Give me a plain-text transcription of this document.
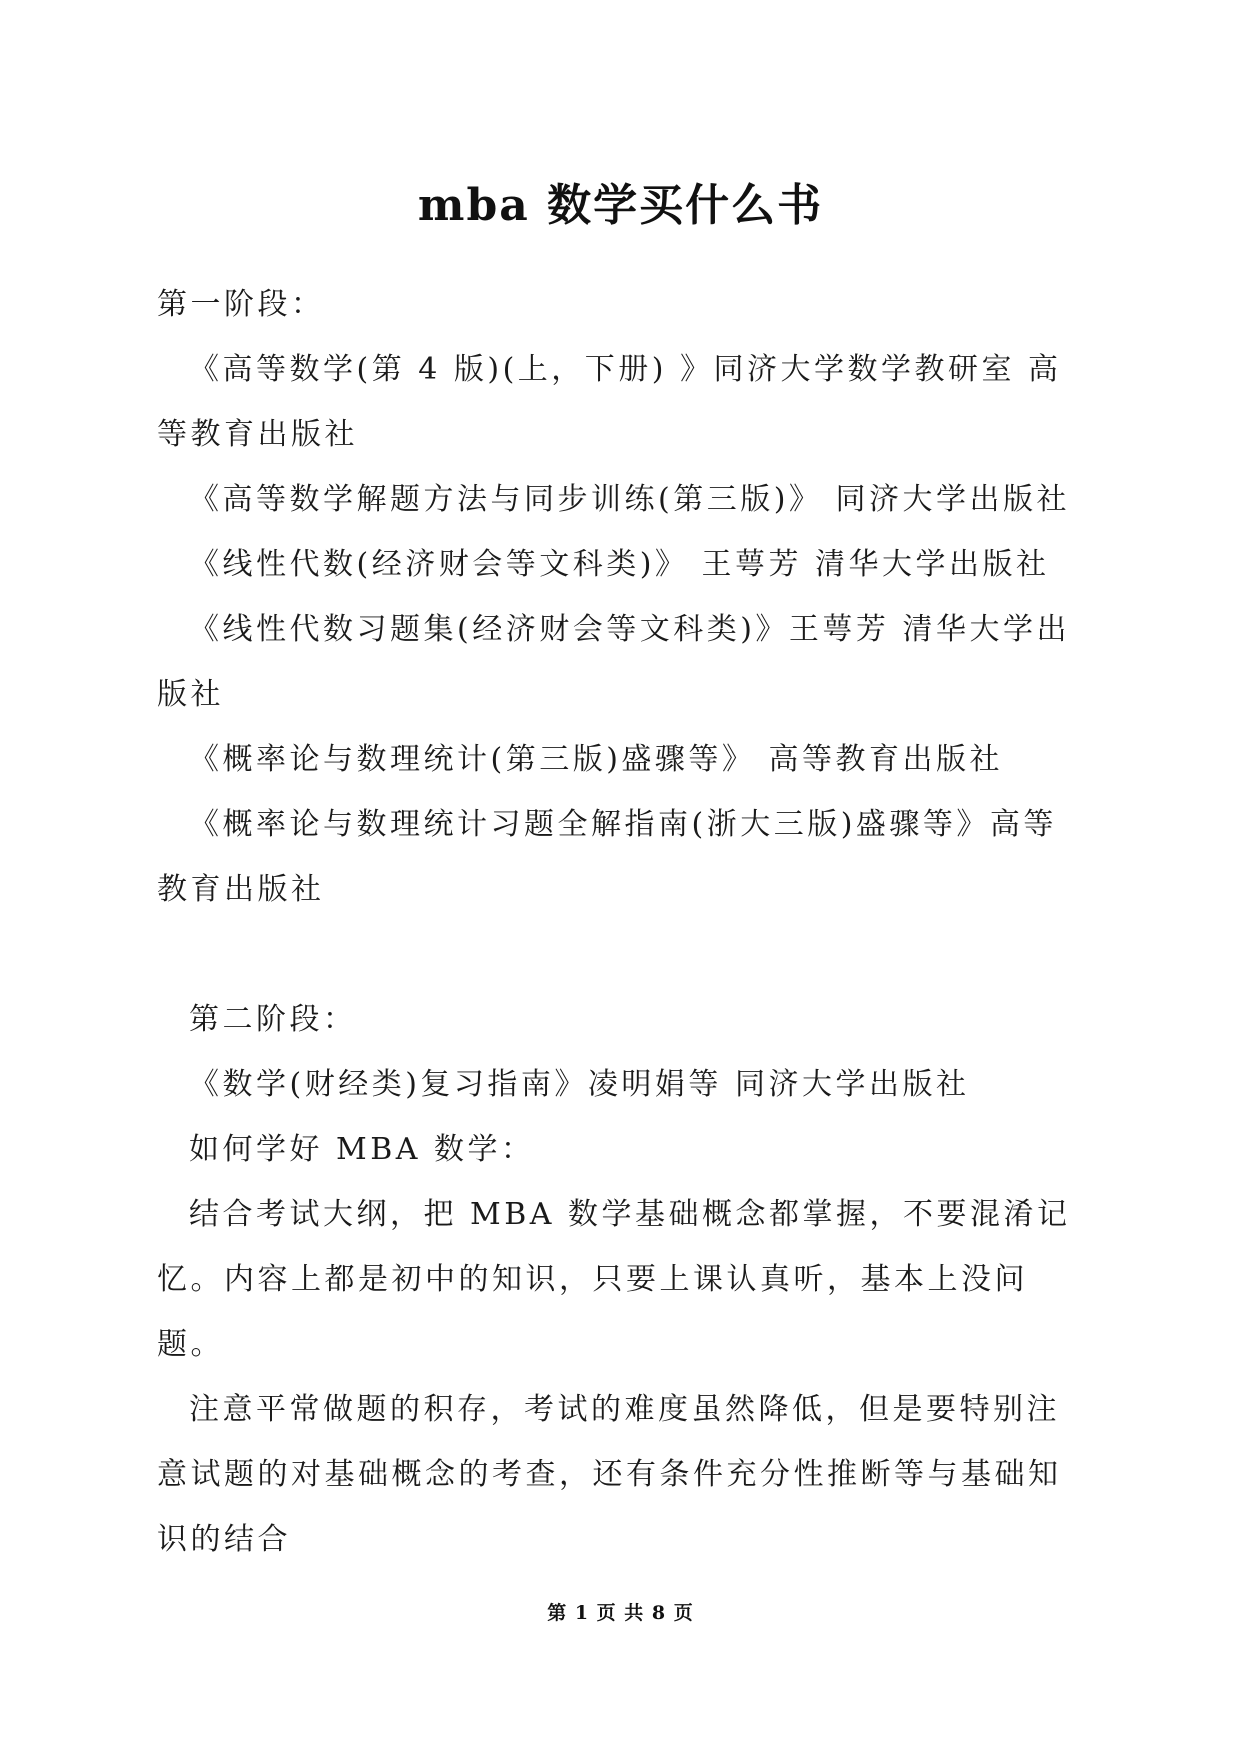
mba 数学买什么书

第一阶段：

《高等数学(第 4 版)(上，下册) 》同济大学数学教研室 高等教育出版社

《高等数学解题方法与同步训练(第三版)》 同济大学出版社

《线性代数(经济财会等文科类)》 王萼芳 清华大学出版社

《线性代数习题集(经济财会等文科类)》王萼芳 清华大学出版社

《概率论与数理统计(第三版)盛骤等》 高等教育出版社

《概率论与数理统计习题全解指南(浙大三版)盛骤等》高等教育出版社

第二阶段：

《数学(财经类)复习指南》凌明娟等 同济大学出版社

如何学好 MBA 数学：

结合考试大纲，把 MBA 数学基础概念都掌握，不要混淆记忆。内容上都是初中的知识，只要上课认真听，基本上没问题。

注意平常做题的积存，考试的难度虽然降低，但是要特别注意试题的对基础概念的考查，还有条件充分性推断等与基础知识的结合

第 1 页 共 8 页
